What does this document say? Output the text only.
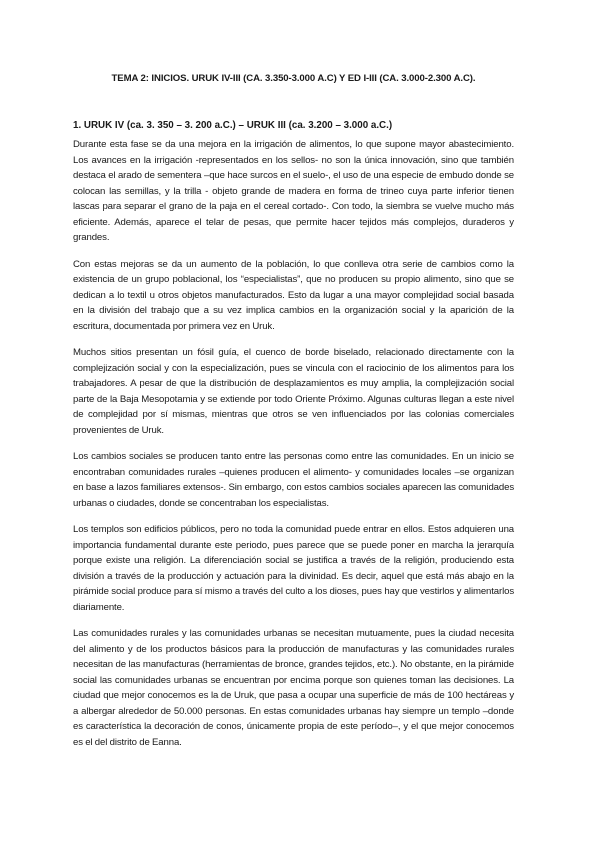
TEMA 2: INICIOS. URUK IV-III (CA. 3.350-3.000 A.C) Y ED I-III (CA. 3.000-2.300 A.C).
1. URUK IV (ca. 3. 350 – 3. 200 a.C.) – URUK III (ca. 3.200 – 3.000 a.C.)

Durante esta fase se da una mejora en la irrigación de alimentos, lo que supone mayor abastecimiento. Los avances en la irrigación -representados en los sellos- no son la única innovación, sino que también destaca el arado de sementera –que hace surcos en el suelo-, el uso de una especie de embudo donde se colocan las semillas, y la trilla - objeto grande de madera en forma de trineo cuya parte inferior tienen lascas para separar el grano de la paja en el cereal cortado-. Con todo, la siembra se vuelve mucho más eficiente. Además, aparece el telar de pesas, que permite hacer tejidos más complejos, duraderos y grandes.

Con estas mejoras se da un aumento de la población, lo que conlleva otra serie de cambios como la existencia de un grupo poblacional, los “especialistas”, que no producen su propio alimento, sino que se dedican a lo textil u otros objetos manufacturados. Esto da lugar a una mayor complejidad social basada en la división del trabajo que a su vez implica cambios en la organización social y la aparición de la escritura, documentada por primera vez en Uruk.

Muchos sitios presentan un fósil guía, el cuenco de borde biselado, relacionado directamente con la complejización social y con la especialización, pues se vincula con el raciocinio de los alimentos para los trabajadores. A pesar de que la distribución de desplazamientos es muy amplia, la complejización social parte de la Baja Mesopotamia y se extiende por todo Oriente Próximo. Algunas culturas llegan a este nivel de complejidad por sí mismas, mientras que otros se ven influenciados por las colonias comerciales provenientes de Uruk.

Los cambios sociales se producen tanto entre las personas como entre las comunidades. En un inicio se encontraban comunidades rurales –quienes producen el alimento- y comunidades locales –se organizan en base a lazos familiares extensos-. Sin embargo, con estos cambios sociales aparecen las comunidades urbanas o ciudades, donde se concentraban los especialistas.

Los templos son edificios públicos, pero no toda la comunidad puede entrar en ellos. Estos adquieren una importancia fundamental durante este periodo, pues parece que se puede poner en marcha la jerarquía porque existe una religión. La diferenciación social se justifica a través de la religión, produciendo esta división a través de la producción y actuación para la divinidad. Es decir, aquel que está más abajo en la pirámide social produce para sí mismo a través del culto a los dioses, pues hay que vestirlos y alimentarlos diariamente.

Las comunidades rurales y las comunidades urbanas se necesitan mutuamente, pues la ciudad necesita del alimento y de los productos básicos para la producción de manufacturas y las comunidades rurales necesitan de las manufacturas (herramientas de bronce, grandes tejidos, etc.). No obstante, en la pirámide social las comunidades urbanas se encuentran por encima porque son quienes toman las decisiones. La ciudad que mejor conocemos es la de Uruk, que pasa a ocupar una superficie de más de 100 hectáreas y a albergar alrededor de 50.000 personas. En estas comunidades urbanas hay siempre un templo –donde es característica la decoración de conos, únicamente propia de este período–, y el que mejor conocemos es el del distrito de Eanna.
